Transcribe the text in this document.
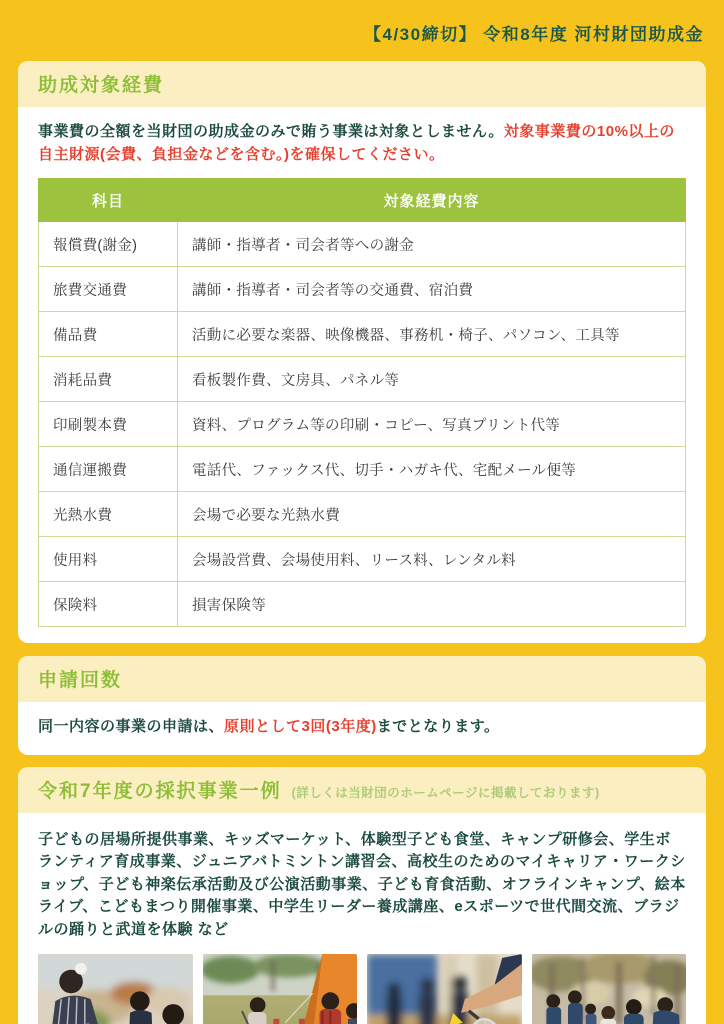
【4/30締切】 令和8年度 河村財団助成金
助成対象経費

事業費の全額を当財団の助成金のみで賄う事業は対象としません。対象事業費の10%以上の自主財源(会費、負担金などを含む。)を確保してください。

科目	対象経費内容
報償費(謝金)	講師・指導者・司会者等への謝金
旅費交通費	講師・指導者・司会者等の交通費、宿泊費
備品費	活動に必要な楽器、映像機器、事務机・椅子、パソコン、工具等
消耗品費	看板製作費、文房具、パネル等
印刷製本費	資料、プログラム等の印刷・コピー、写真プリント代等
通信運搬費	電話代、ファックス代、切手・ハガキ代、宅配メール便等
光熱水費	会場で必要な光熱水費
使用料	会場設営費、会場使用料、リース料、レンタル料
保険料	損害保険等
申請回数

同一内容の事業の申請は、原則として3回(3年度)までとなります。

令和7年度の採択事業一例 (詳しくは当財団のホームページに掲載しております)

子どもの居場所提供事業、キッズマーケット、体験型子ども食堂、キャンプ研修会、学生ボランティア育成事業、ジュニアバトミントン講習会、高校生のためのマイキャリア・ワークショップ、子ども神楽伝承活動及び公演活動事業、子ども育食活動、オフラインキャンプ、絵本ライブ、こどもまつり開催事業、中学生リーダー養成講座、eスポーツで世代間交流、ブラジルの踊りと武道を体験 など
